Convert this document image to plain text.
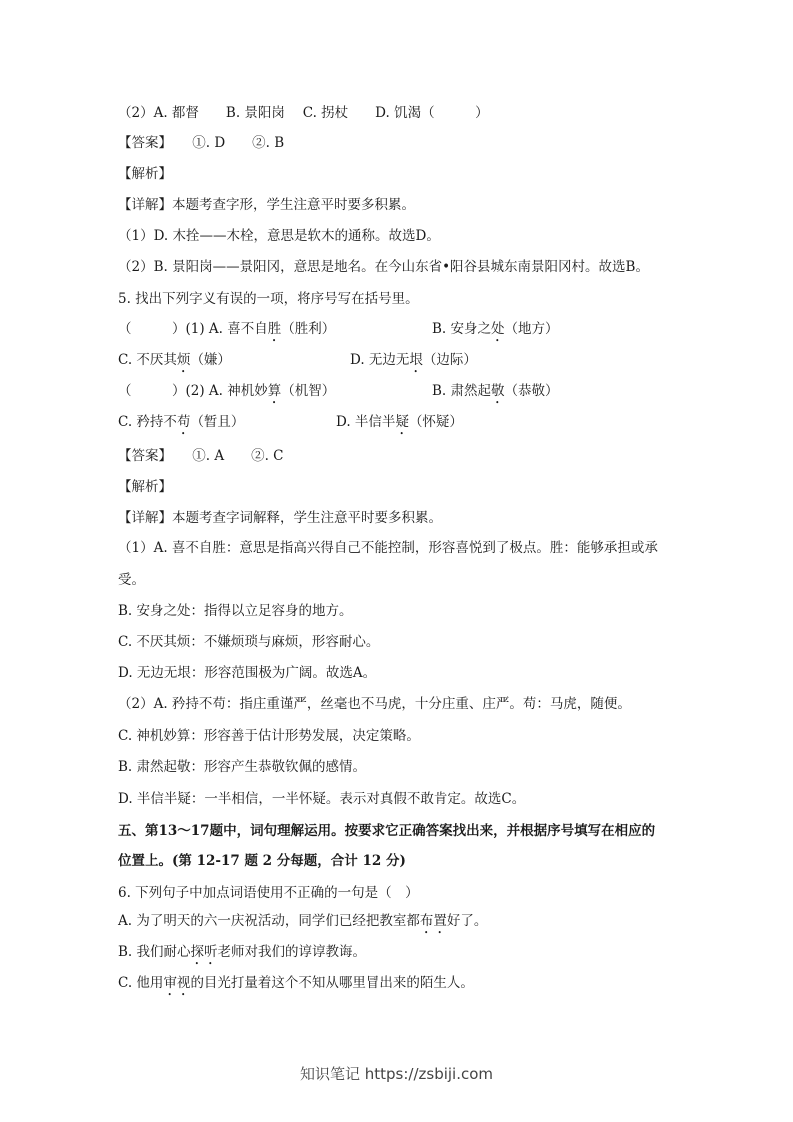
（2）A. 都督　　B. 景阳岗　 C. 拐杖　　D. 饥渴（　　　）
【答案】　　①. D　　②. B
【解析】
【详解】本题考查字形，学生注意平时要多积累。
（1）D. 木拴——木栓，意思是软木的通称。故选D。
（2）B. 景阳岗——景阳冈，意思是地名。在今山东省•阳谷县城东南景阳冈村。故选B。
5. 找出下列字义有误的一项，将序号写在括号里。
（　　　）(1) A. 喜不自胜（胜利）	B. 安身之处（地方）
C. 不厌其烦（嫌）	D. 无边无垠（边际）
（　　　）(2) A. 神机妙算（机智）	B. 肃然起敬（恭敬）
C. 矜持不苟（暂且）	D. 半信半疑（怀疑）
【答案】　　①. A　　②. C
【解析】
【详解】本题考查字词解释，学生注意平时要多积累。
（1）A. 喜不自胜：意思是指高兴得自己不能控制，形容喜悦到了极点。胜：能够承担或承
受。
B. 安身之处：指得以立足容身的地方。
C. 不厌其烦：不嫌烦琐与麻烦，形容耐心。
D. 无边无垠：形容范围极为广阔。故选A。
（2）A. 矜持不苟：指庄重谨严，丝毫也不马虎，十分庄重、庄严。苟：马虎，随便。
C. 神机妙算：形容善于估计形势发展，决定策略。
B. 肃然起敬：形容产生恭敬钦佩的感情。
D. 半信半疑：一半相信，一半怀疑。表示对真假不敢肯定。故选C。
五、第13～17题中，词句理解运用。按要求它正确答案找出来，并根据序号填写在相应的
位置上。(第 12-17 题 2 分每题，合计 12 分)
6. 下列句子中加点词语使用不正确的一句是（　）
A. 为了明天的六一庆祝活动，同学们已经把教室都布置好了。
B. 我们耐心探听老师对我们的谆谆教诲。
C. 他用审视的目光打量着这个不知从哪里冒出来的陌生人。
知识笔记 https://zsbiji.com
